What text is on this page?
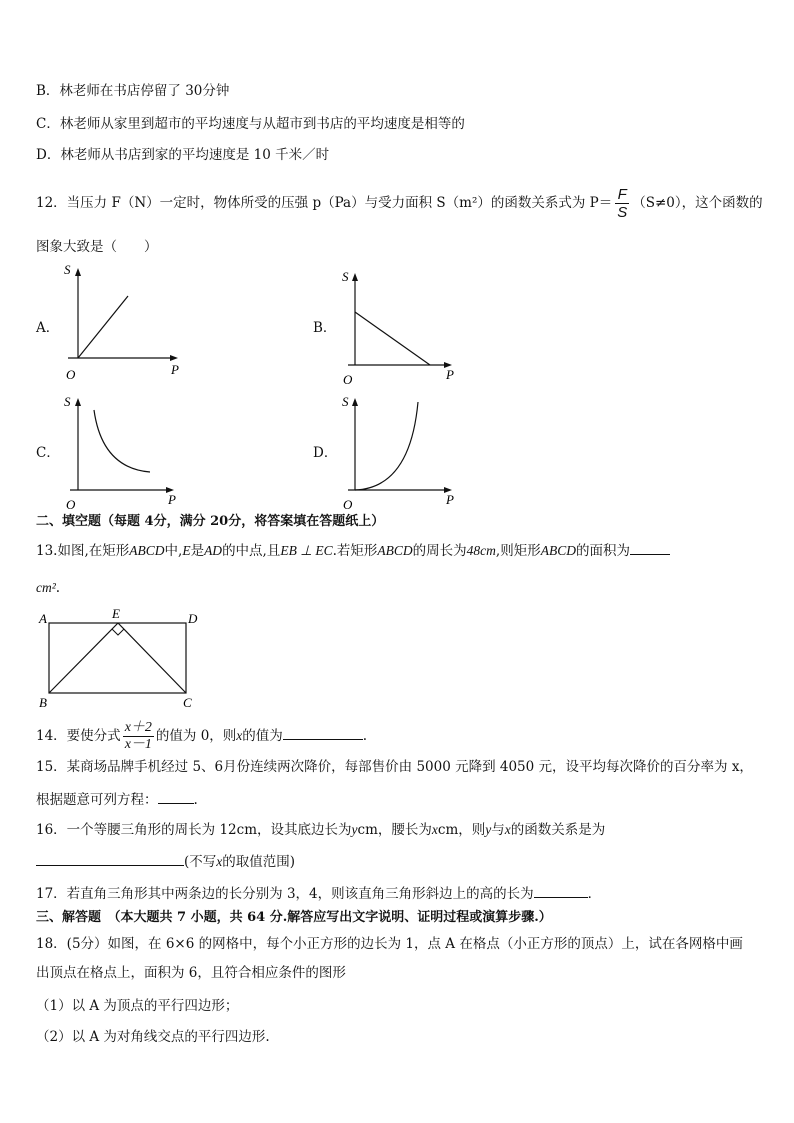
B．林老师在书店停留了 30分钟
C．林老师从家里到超市的平均速度与从超市到书店的平均速度是相等的
D．林老师从书店到家的平均速度是 10 千米／时
12．当压力 F（N）一定时，物体所受的压强 p（Pa）与受力面积 S（m²）的函数关系式为 $P= \frac{F}{S} (S\ne 0)$，这个函数的
图象大致是（　　）
A．
S
O	P
B．
S
O	P
C．
S
O	P
D．
S
O	P
二、填空题（每题 4分，满分 20分，将答案填在答题纸上）
13.如图,在矩形ABCD中,E是AD的中点,且EB ⊥ EC.若矩形ABCD的周长为48cm,则矩形ABCD的面积为
cm².
A	E	D
B	C
14．要使分式 $\frac{x+2}{x-1}$ 的值为 0，则x的值为	.
15．某商场品牌手机经过 5、6月份连续两次降价，每部售价由 5000 元降到 4050 元，设平均每次降价的百分率为 x，
根据题意可列方程：	.
16．一个等腰三角形的周长为 12cm，设其底边长为ycm，腰长为xcm，则y与x的函数关系是为
(不写x的取值范围)
17．若直角三角形其中两条边的长分别为 3，4，则该直角三角形斜边上的高的长为	．
三、解答题　（本大题共 7 小题，共 64 分.解答应写出文字说明、证明过程或演算步骤.）
18．(5分）如图，在 6×6 的网格中，每个小正方形的边长为 1，点 A 在格点（小正方形的顶点）上，试在各网格中画
出顶点在格点上，面积为 6，且符合相应条件的图形
（1）以 A 为顶点的平行四边形；
（2）以 A 为对角线交点的平行四边形.
